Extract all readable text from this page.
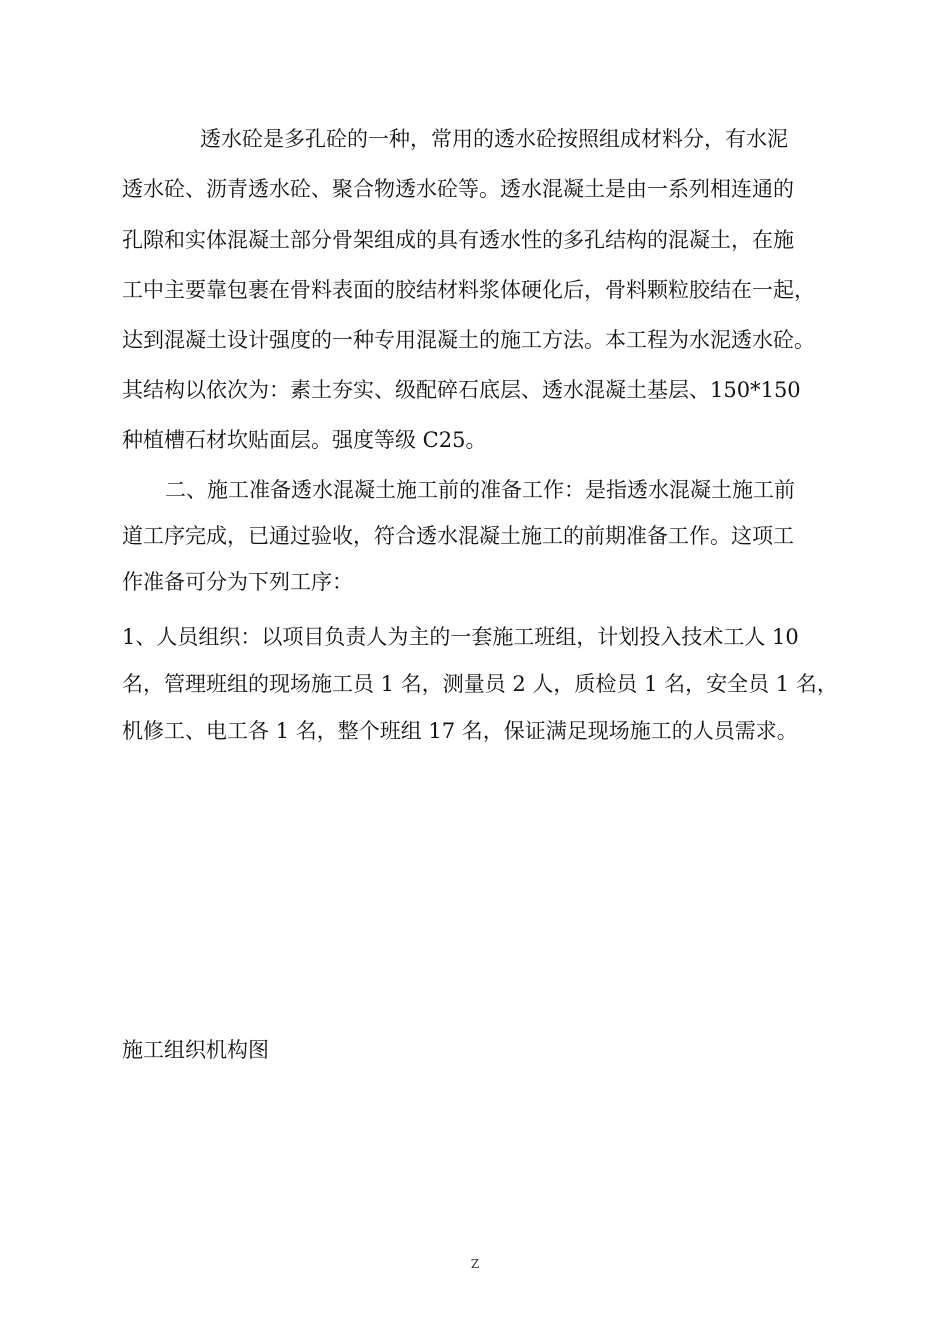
透水砼是多孔砼的一种，常用的透水砼按照组成材料分，有水泥
透水砼、沥青透水砼、聚合物透水砼等。透水混凝土是由一系列相连通的
孔隙和实体混凝土部分骨架组成的具有透水性的多孔结构的混凝土，在施
工中主要靠包裹在骨料表面的胶结材料浆体硬化后，骨料颗粒胶结在一起，
达到混凝土设计强度的一种专用混凝土的施工方法。本工程为水泥透水砼。
其结构以依次为：素土夯实、级配碎石底层、透水混凝土基层、150*150
种植槽石材坎贴面层。强度等级 C25。
二、施工准备透水混凝土施工前的准备工作：是指透水混凝土施工前
道工序完成，已通过验收，符合透水混凝土施工的前期准备工作。这项工
作准备可分为下列工序：
1、人员组织：以项目负责人为主的一套施工班组，计划投入技术工人 10
名，管理班组的现场施工员 1 名，测量员 2 人，质检员 1 名，安全员 1 名，
机修工、电工各 1 名，整个班组 17 名，保证满足现场施工的人员需求。
施工组织机构图
Z
